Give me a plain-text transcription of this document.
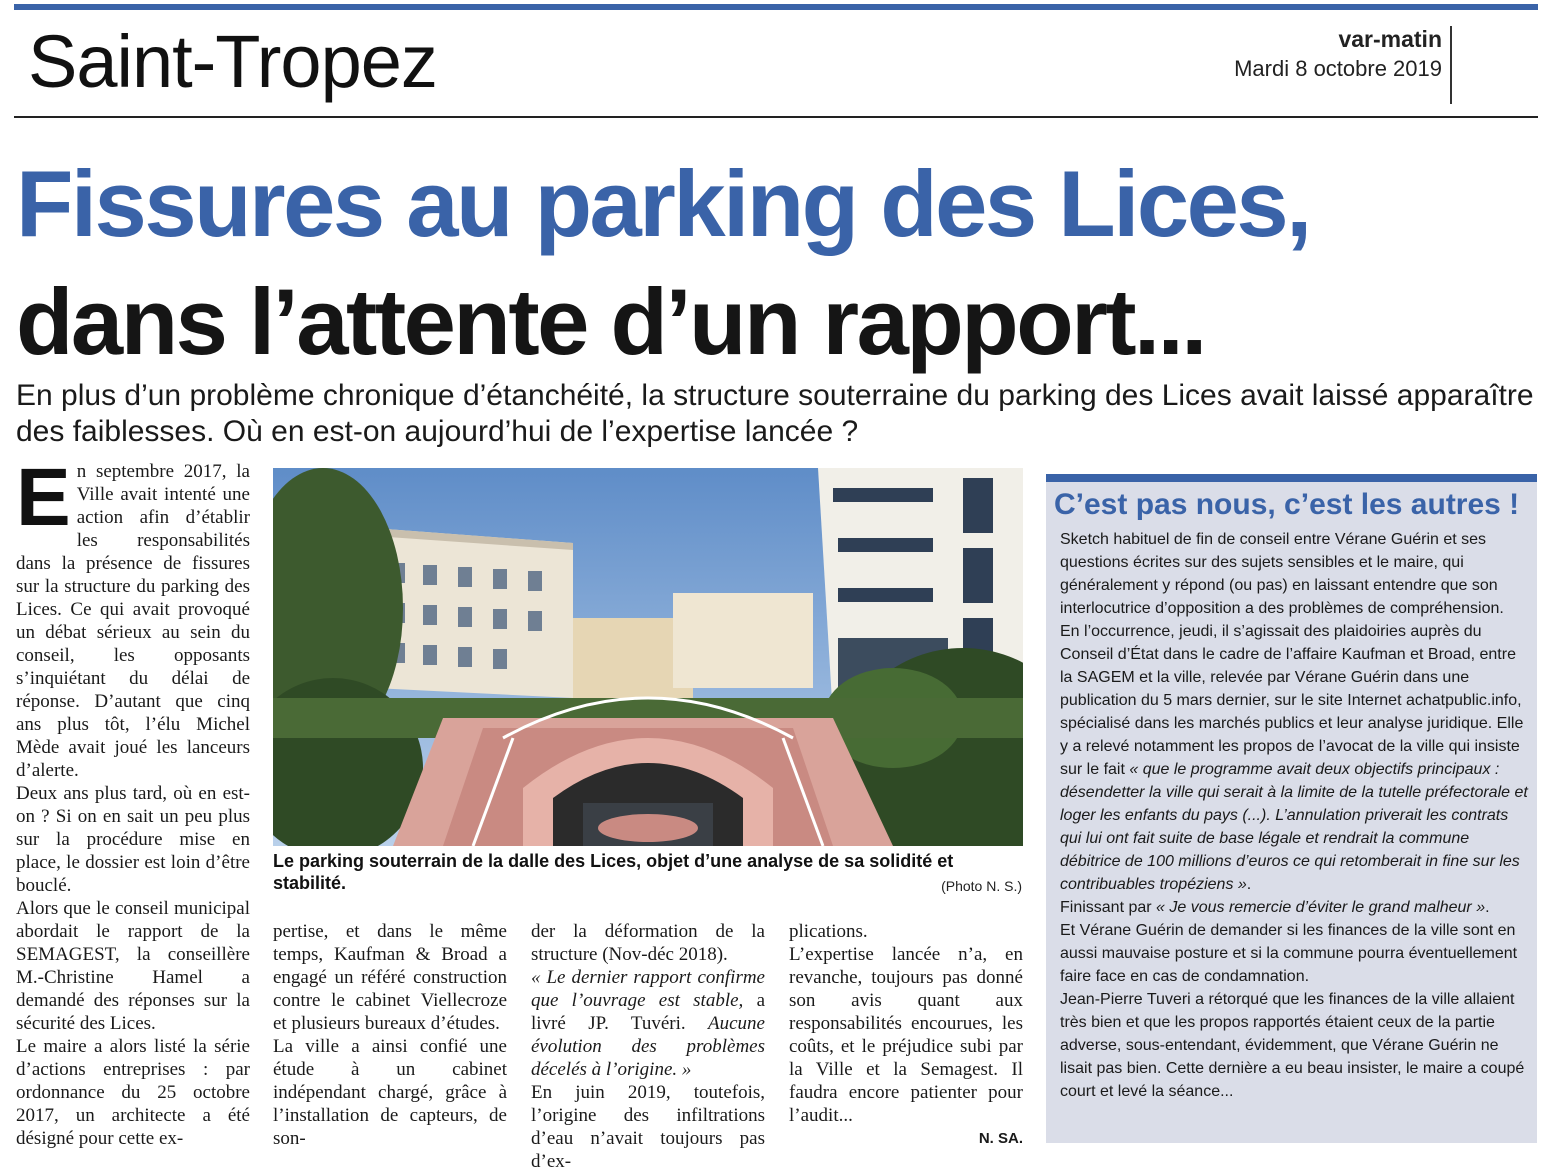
Saint-Tropez	var-matin
Mardi 8 octobre 2019
Fissures au parking des Lices,
dans l’attente d’un rapport...
En plus d’un problème chronique d’étanchéité, la structure souterraine du parking des Lices avait laissé apparaître des faiblesses. Où en est-on aujourd’hui de l’expertise lancée ?

En septembre 2017, la Ville avait intenté une action afin d’établir les responsabilités dans la présence de fissures sur la structure du parking des Lices. Ce qui avait provoqué un débat sérieux au sein du conseil, les opposants s’inquiétant du délai de réponse. D’autant que cinq ans plus tôt, l’élu Michel Mède avait joué les lanceurs d’alerte.

Deux ans plus tard, où en est-on ? Si on en sait un peu plus sur la procédure mise en place, le dossier est loin d’être bouclé.

Alors que le conseil municipal abordait le rapport de la SEMAGEST, la conseillère M.-Christine Hamel a demandé des réponses sur la sécurité des Lices.

Le maire a alors listé la série d’actions entreprises : par ordonnance du 25 octobre 2017, un architecte a été désigné pour cette ex-

Le parking souterrain de la dalle des Lices, objet d’une analyse de sa solidité et stabilité.	(Photo N. S.)

pertise, et dans le même temps, Kaufman & Broad a engagé un référé construction contre le cabinet Viellecroze et plusieurs bureaux d’études.

La ville a ainsi confié une étude à un cabinet indépendant chargé, grâce à l’installation de capteurs, de son-

der la déformation de la structure (Nov-déc 2018).

« Le dernier rapport confirme que l’ouvrage est stable, a livré JP. Tuvéri. Aucune évolution des problèmes décelés à l’origine. »

En juin 2019, toutefois, l’origine des infiltrations d’eau n’avait toujours pas d’ex-

plications.

L’expertise lancée n’a, en revanche, toujours pas donné son avis quant aux responsabilités encourues, les coûts, et le préjudice subi par la Ville et la Semagest. Il faudra encore patienter pour l’audit...

N. SA.

C’est pas nous, c’est les autres !

Sketch habituel de fin de conseil entre Vérane Guérin et ses questions écrites sur des sujets sensibles et le maire, qui généralement y répond (ou pas) en laissant entendre que son interlocutrice d’opposition a des problèmes de compréhension.

En l’occurrence, jeudi, il s’agissait des plaidoiries auprès du Conseil d’État dans le cadre de l’affaire Kaufman et Broad, entre la SAGEM et la ville, relevée par Vérane Guérin dans une publication du 5 mars dernier, sur le site Internet achatpublic.info, spécialisé dans les marchés publics et leur analyse juridique. Elle y a relevé notamment les propos de l’avocat de la ville qui insiste sur le fait « que le programme avait deux objectifs principaux : désendetter la ville qui serait à la limite de la tutelle préfectorale et loger les enfants du pays (...). L’annulation priverait les contrats qui lui ont fait suite de base légale et rendrait la commune débitrice de 100 millions d’euros ce qui retomberait in fine sur les contribuables tropéziens ».

Finissant par « Je vous remercie d’éviter le grand malheur ».

Et Vérane Guérin de demander si les finances de la ville sont en aussi mauvaise posture et si la commune pourra éventuellement faire face en cas de condamnation.

Jean-Pierre Tuveri a rétorqué que les finances de la ville allaient très bien et que les propos rapportés étaient ceux de la partie adverse, sous-entendant, évidemment, que Vérane Guérin ne lisait pas bien. Cette dernière a eu beau insister, le maire a coupé court et levé la séance...
